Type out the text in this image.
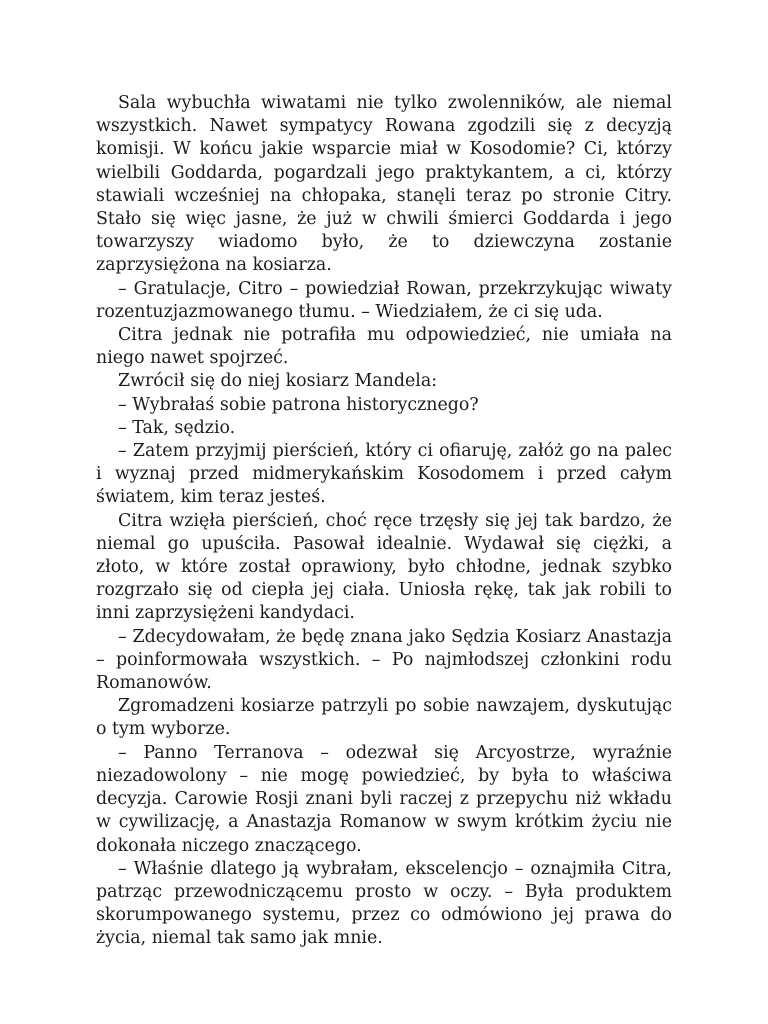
Sala wybuchła wiwatami nie tylko zwolenników, ale niemal wszystkich. Nawet sympatycy Rowana zgodzili się z decyzją komisji. W końcu jakie wsparcie miał w Kosodomie? Ci, którzy wielbili Goddarda, pogardzali jego praktykantem, a ci, którzy stawiali wcześniej na chłopaka, stanęli teraz po stronie Citry. Stało się więc jasne, że już w chwili śmierci Goddarda i jego towarzyszy wiadomo było, że to dziewczyna zostanie zaprzysiężona na kosiarza.

– Gratulacje, Citro – powiedział Rowan, przekrzykując wiwaty rozentuzjazmowanego tłumu. – Wiedziałem, że ci się uda.

Citra jednak nie potrafiła mu odpowiedzieć, nie umiała na niego nawet spojrzeć.

Zwrócił się do niej kosiarz Mandela:

– Wybrałaś sobie patrona historycznego?

– Tak, sędzio.

– Zatem przyjmij pierścień, który ci ofiaruję, załóż go na palec i wyznaj przed midmerykańskim Kosodomem i przed całym światem, kim teraz jesteś.

Citra wzięła pierścień, choć ręce trzęsły się jej tak bardzo, że niemal go upuściła. Pasował idealnie. Wydawał się ciężki, a złoto, w które został oprawiony, było chłodne, jednak szybko rozgrzało się od ciepła jej ciała. Uniosła rękę, tak jak robili to inni zaprzysiężeni kandydaci.

– Zdecydowałam, że będę znana jako Sędzia Kosiarz Anastazja – poinformowała wszystkich. – Po najmłodszej członkini rodu Romanowów.

Zgromadzeni kosiarze patrzyli po sobie nawzajem, dyskutując o tym wyborze.

– Panno Terranova – odezwał się Arcyostrze, wyraźnie niezadowolony – nie mogę powiedzieć, by była to właściwa decyzja. Carowie Rosji znani byli raczej z przepychu niż wkładu w cywilizację, a Anastazja Romanow w swym krótkim życiu nie dokonała niczego znaczącego.

– Właśnie dlatego ją wybrałam, ekscelencjo – oznajmiła Citra, patrząc przewodniczącemu prosto w oczy. – Była produktem skorumpowanego systemu, przez co odmówiono jej prawa do życia, niemal tak samo jak mnie.
